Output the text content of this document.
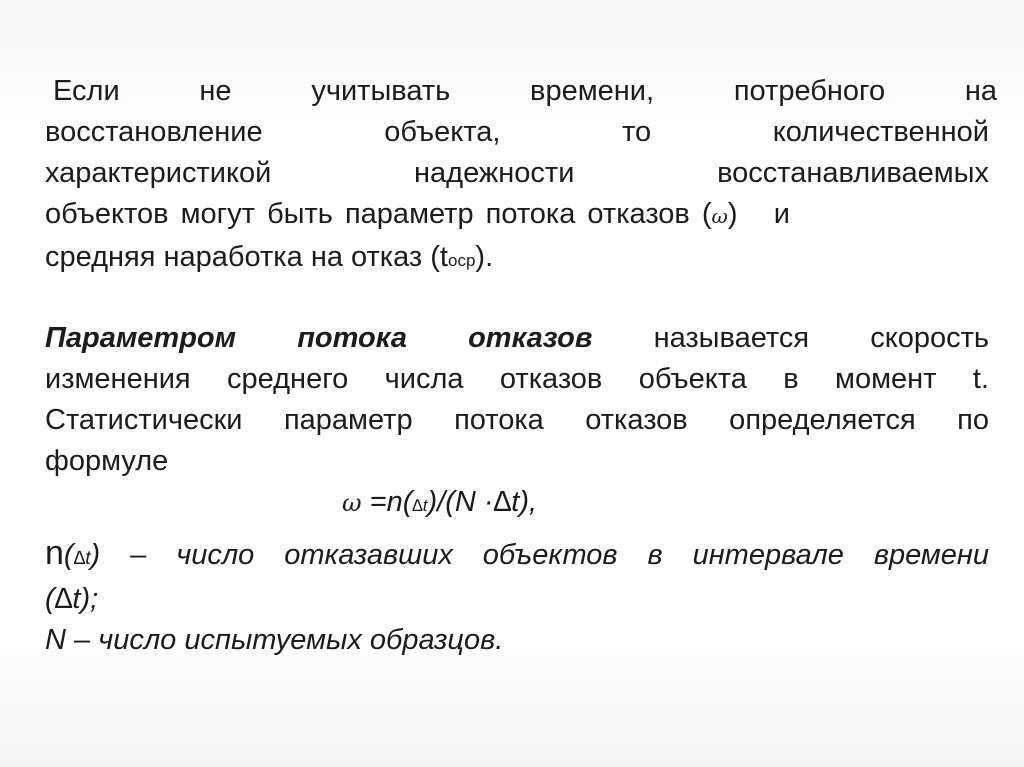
Если	не	учитывать	времени,	потребного	на
восстановление	объекта,	то	количественной
характеристикой	надежности	восстанавливаемых
объектов могут быть параметр потока отказов (ω)   и
средняя наработка на отказ (tоср).
Параметром потока отказов называется скорость
изменения среднего числа отказов объекта в момент t.
Статистически параметр потока отказов определяется по
формуле
ω =n(∆t)/(N ·∆t),
n(∆t) – число отказавших объектов в интервале времени
(∆t);
N – число испытуемых образцов.
